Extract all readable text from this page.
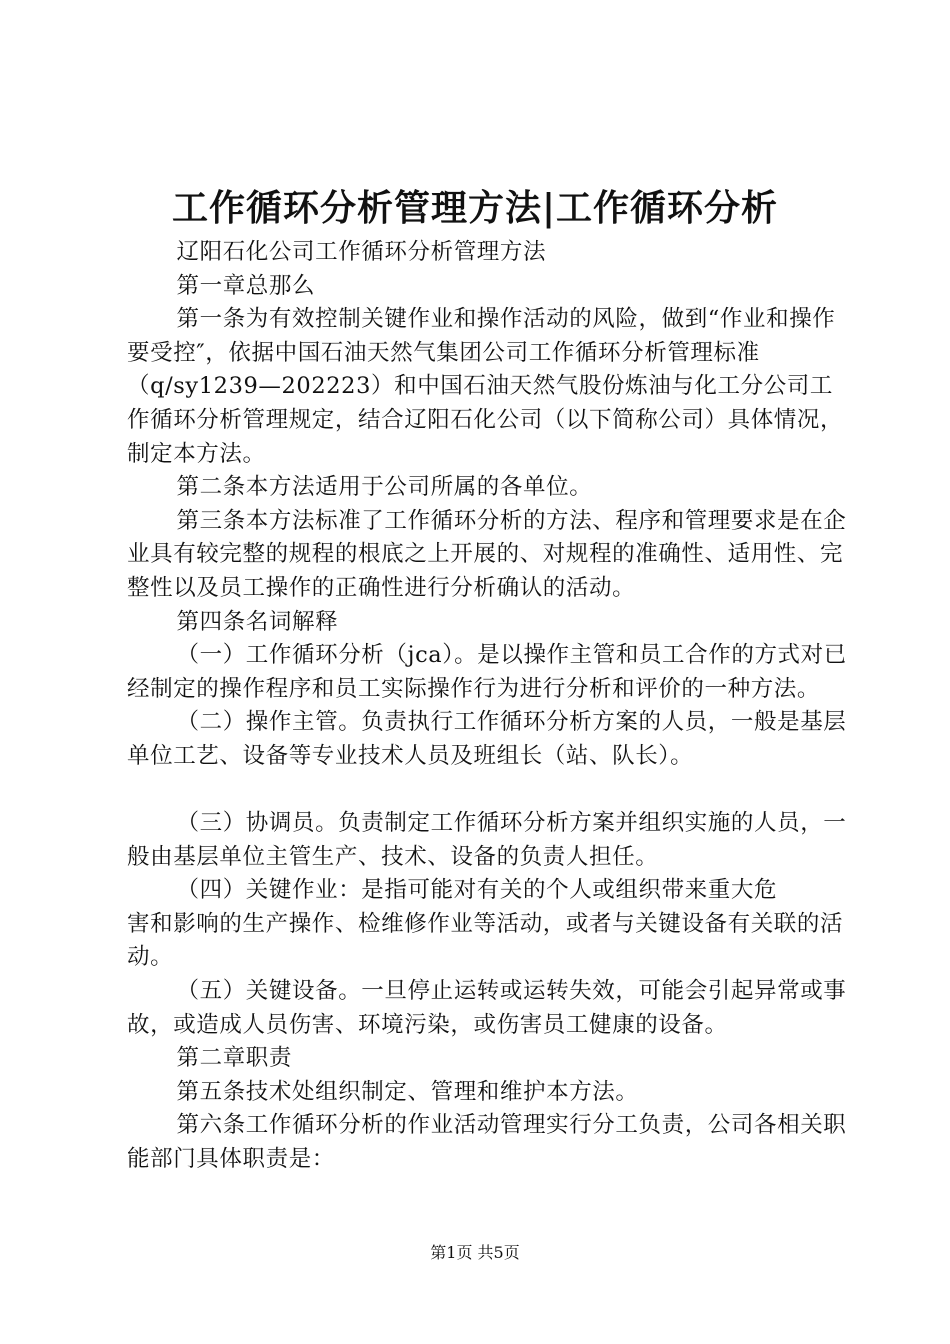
工作循环分析管理方法|工作循环分析

辽阳石化公司工作循环分析管理方法

第一章总那么

第一条为有效控制关键作业和操作活动的风险，做到“作业和操作要受控″，依据中国石油天然气集团公司工作循环分析管理标准（q/sy1239—202223）和中国石油天然气股份炼油与化工分公司工作循环分析管理规定，结合辽阳石化公司（以下简称公司）具体情况，制定本方法。

第二条本方法适用于公司所属的各单位。

第三条本方法标准了工作循环分析的方法、程序和管理要求是在企业具有较完整的规程的根底之上开展的、对规程的准确性、适用性、完整性以及员工操作的正确性进行分析确认的活动。

第四条名词解释

（一）工作循环分析（jca）。是以操作主管和员工合作的方式对已经制定的操作程序和员工实际操作行为进行分析和评价的一种方法。

（二）操作主管。负责执行工作循环分析方案的人员，一般是基层单位工艺、设备等专业技术人员及班组长（站、队长）。

（三）协调员。负责制定工作循环分析方案并组织实施的人员，一般由基层单位主管生产、技术、设备的负责人担任。

（四）关键作业：是指可能对有关的个人或组织带来重大危

害和影响的生产操作、检维修作业等活动，或者与关键设备有关联的活动。

（五）关键设备。一旦停止运转或运转失效，可能会引起异常或事故，或造成人员伤害、环境污染，或伤害员工健康的设备。

第二章职责

第五条技术处组织制定、管理和维护本方法。

第六条工作循环分析的作业活动管理实行分工负责，公司各相关职能部门具体职责是：

第1页 共5页
